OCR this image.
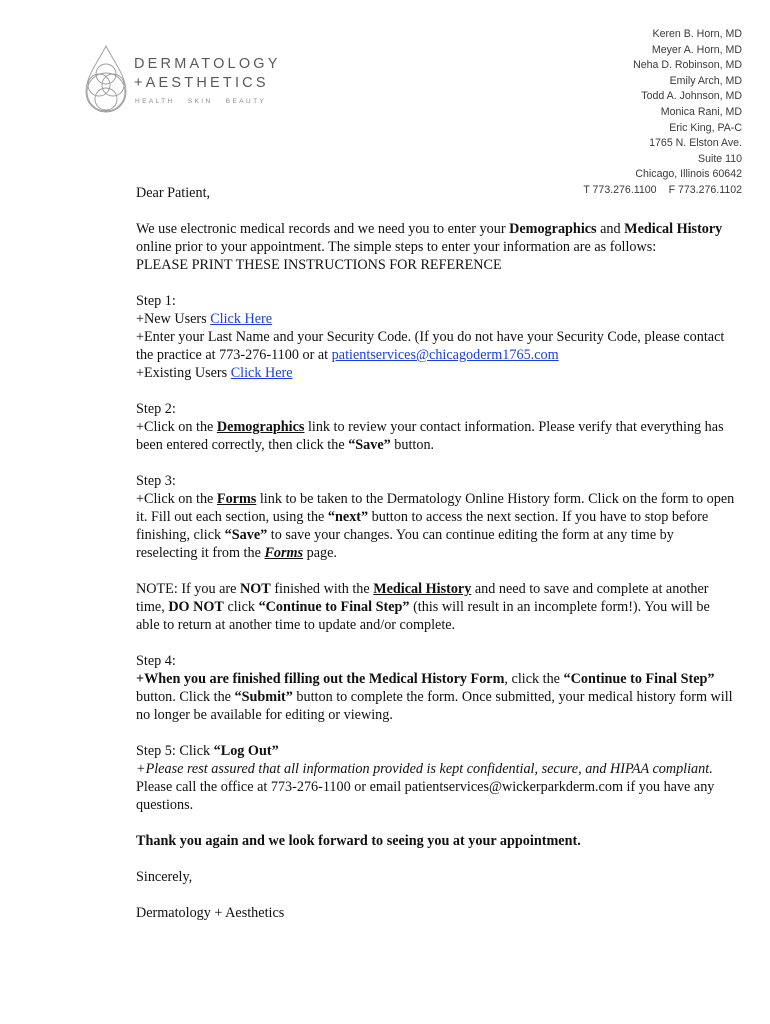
DERMATOLOGY
+AESTHETICS
HEALTH SKIN BEAUTY
Keren B. Horn, MD
Meyer A. Horn, MD
Neha D. Robinson, MD
Emily Arch, MD
Todd A. Johnson, MD
Monica Rani, MD
Eric King, PA-C
1765 N. Elston Ave.
Suite 110
Chicago, Illinois 60642
T 773.276.1100 F 773.276.1102

Dear Patient,

We use electronic medical records and we need you to enter your Demographics and Medical History online prior to your appointment. The simple steps to enter your information are as follows:
PLEASE PRINT THESE INSTRUCTIONS FOR REFERENCE

Step 1:
+New Users Click Here
+Enter your Last Name and your Security Code. (If you do not have your Security Code, please contact the practice at 773-276-1100 or at patientservices@chicagoderm1765.com
+Existing Users Click Here

Step 2:
+Click on the Demographics link to review your contact information. Please verify that everything has been entered correctly, then click the “Save” button.

Step 3:
+Click on the Forms link to be taken to the Dermatology Online History form. Click on the form to open it. Fill out each section, using the “next” button to access the next section. If you have to stop before finishing, click “Save” to save your changes. You can continue editing the form at any time by reselecting it from the Forms page.

NOTE: If you are NOT finished with the Medical History and need to save and complete at another time, DO NOT click “Continue to Final Step” (this will result in an incomplete form!). You will be able to return at another time to update and/or complete.

Step 4:
+When you are finished filling out the Medical History Form, click the “Continue to Final Step” button. Click the “Submit” button to complete the form. Once submitted, your medical history form will no longer be available for editing or viewing.

Step 5: Click “Log Out”
+Please rest assured that all information provided is kept confidential, secure, and HIPAA compliant. Please call the office at 773-276-1100 or email patientservices@wickerparkderm.com if you have any questions.

Thank you again and we look forward to seeing you at your appointment.

Sincerely,

Dermatology + Aesthetics
